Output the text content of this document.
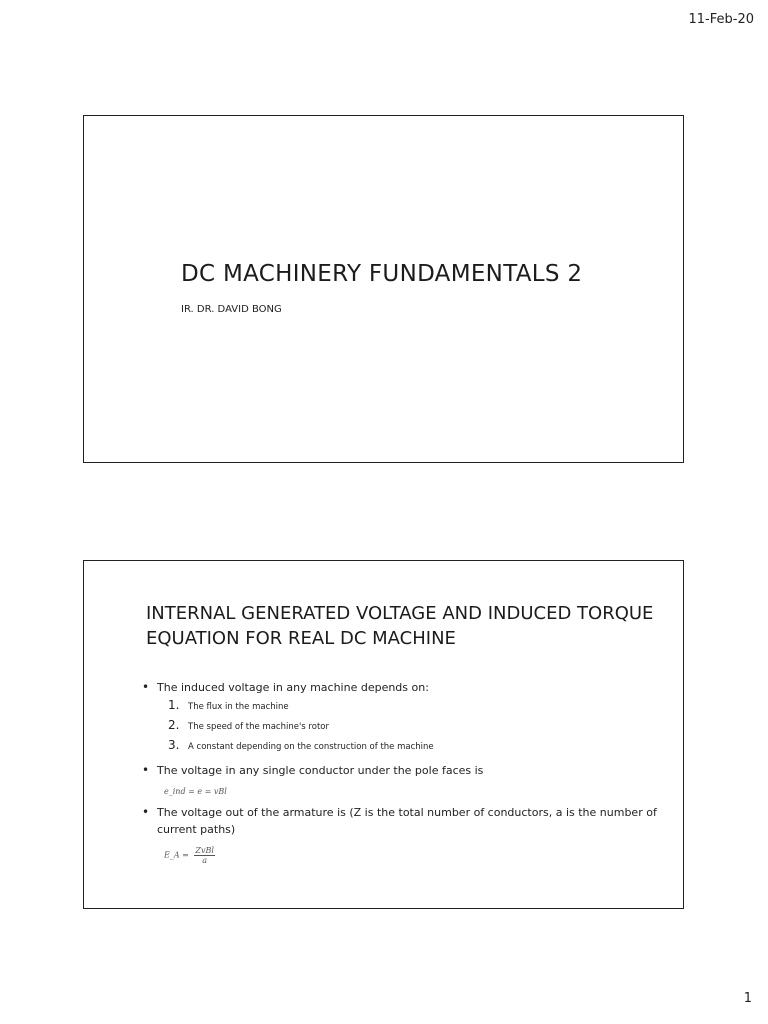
11-Feb-20
DC MACHINERY FUNDAMENTALS 2
IR. DR. DAVID BONG
INTERNAL GENERATED VOLTAGE AND INDUCED TORQUE EQUATION FOR REAL DC MACHINE
• The induced voltage in any machine depends on:
1.	The flux in the machine
2.	The speed of the machine's rotor
3.	A constant depending on the construction of the machine
• The voltage in any single conductor under the pole faces is
e_ind = e = vBl
• The voltage out of the armature is (Z is the total number of conductors, a is the number of current paths)
E_A = $\frac{\text{ZvBl}}{a}$
1
